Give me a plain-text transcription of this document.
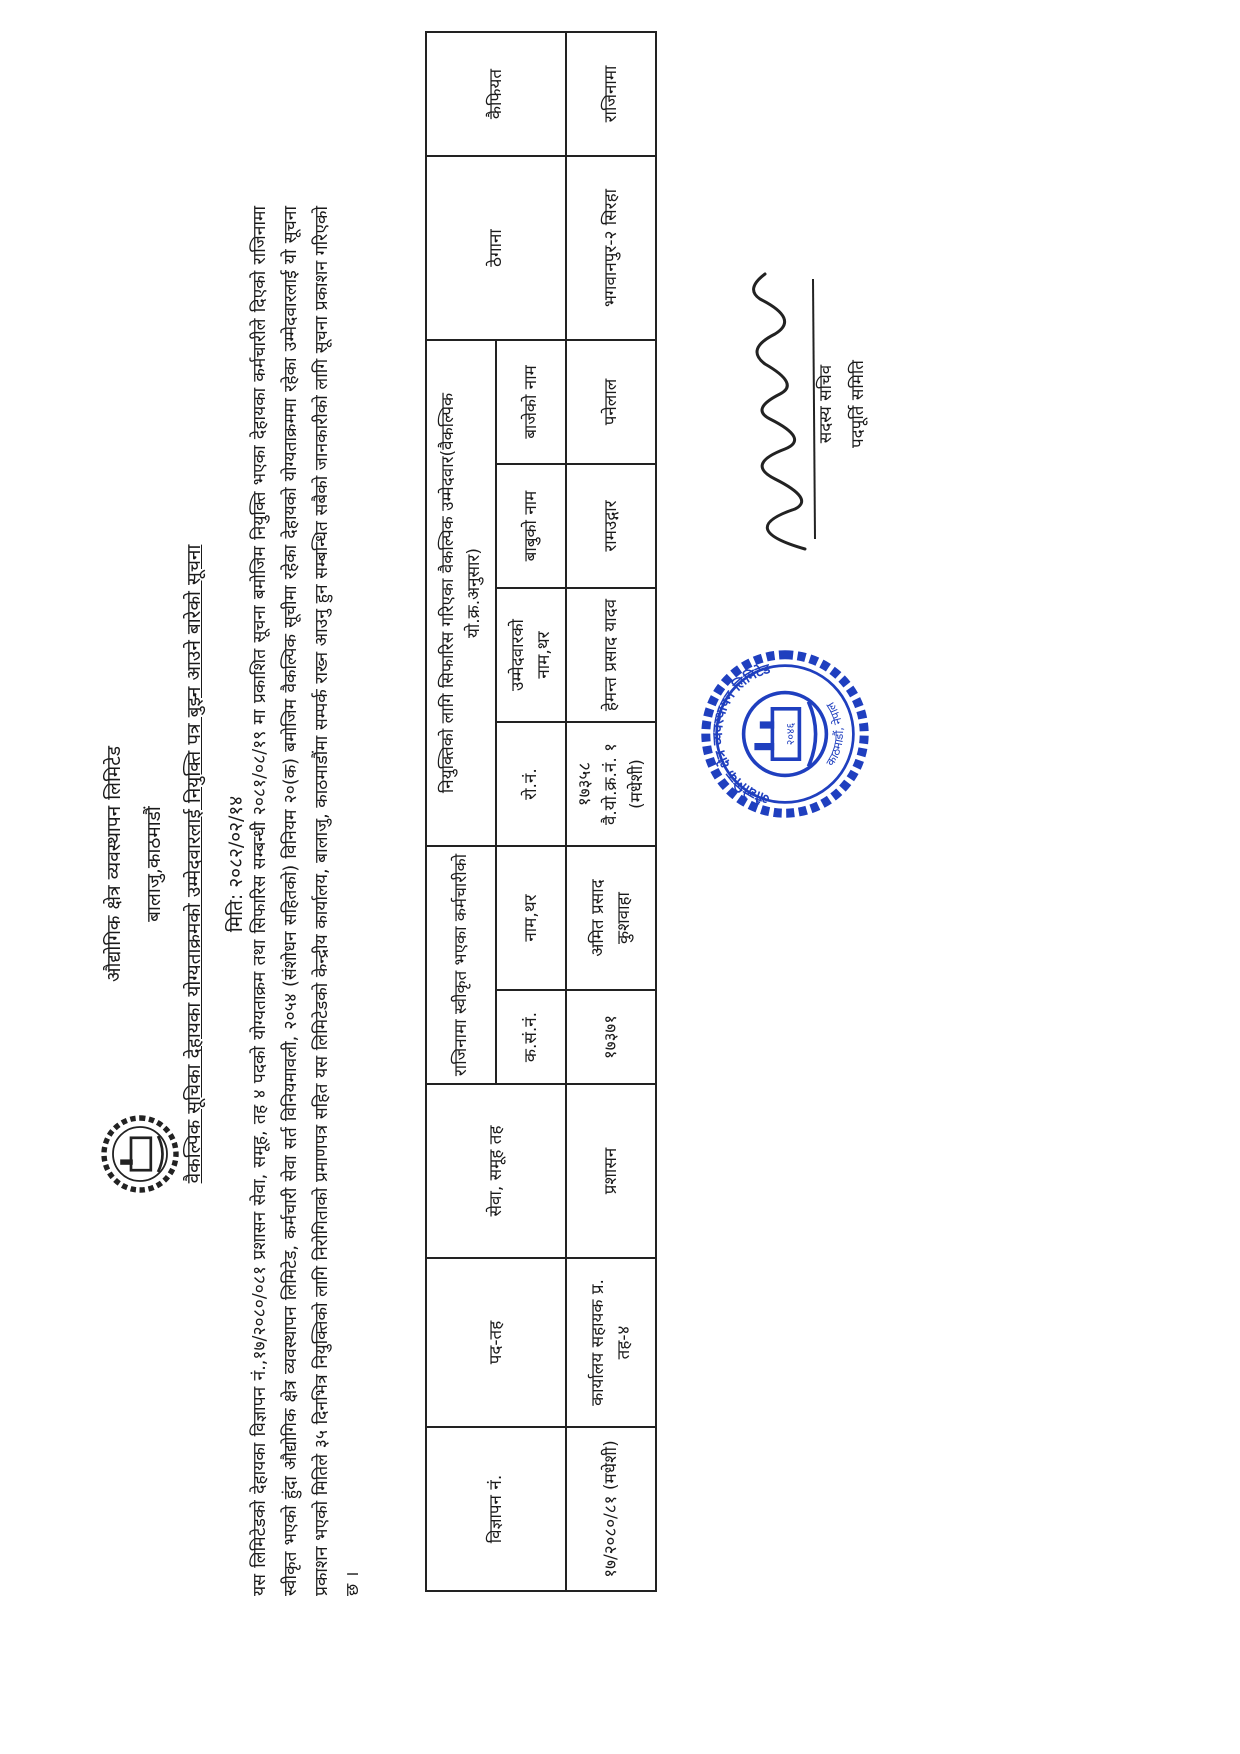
औद्योगिक क्षेत्र व्यवस्थापन लिमिटेड बालाजु,काठमाडौं वैकल्पिक सूचिका देहायका योग्यताक्रमको उम्मेदवारलाई नियुक्ति पत्र बुझ्न आउने बारेको सूचना मिति: २०८२/०२/१४ यस लिमिटेडको देहायका विज्ञापन नं.,१७/२०८०/०८१ प्रशासन सेवा, समूह, तह ४ पदको योग्यताक्रम तथा सिफारिस सम्बन्धी २०८१/०८/१९ मा प्रकाशित सूचना बमोजिम नियुक्ति भएका देहायका कर्मचारीले दिएको राजिनामा स्वीकृत भएको हुंदा औद्योगिक क्षेत्र व्यवस्थापन लिमिटेड, कर्मचारी सेवा सर्त विनियमावली, २०५४ (संशोधन सहितको) विनियम २०(क) बमोजिम वैकल्पिक सूचीमा रहेका देहायको योग्यताक्रममा रहेका उम्मेदवारलाई यो सूचना प्रकाशन भएको मितिले ३५ दिनभित्र नियुक्तिको लागि निरोगिताको प्रमाणपत्र सहित यस लिमिटेडको केन्द्रीय कार्यालय, बालाजु, काठमाडौंमा सम्पर्क राख्न आउनु हुन सम्बन्धित सबैको जानकारीको लागि सूचना प्रकाशन गरिएको छ ।
विज्ञापन नं.	पद-तह	सेवा, समूह तह	राजिनामा स्वीकृत भएका कर्मचारीको		नियुक्तिको लागि सिफारिस गरिएका वैकल्पिक उम्मेदवार(वैकल्पिक यो.क्र.अनुसार)				ठेगाना	कैफियत
			क.सं.नं.	नाम,थर	रो.नं.	उम्मेदवारको नाम,थर	बाबुको नाम	बाजेको नाम		
१७/२०८०/८१ (मधेशी)	कार्यालय सहायक प्र. तह-४	प्रशासन	१७३७१	अमित प्रसाद कुशवाहा	१७३५८ वै.यो.क्र.नं. १ (मधेशी)	हेमन्त प्रसाद यादव	रामउद्गार	पनेलाल	भगवानपुर-२ सिरहा	राजिनामा
औद्योगिक क्षेत्र व्यवस्थापन लिमिटेड
काठमाडौं, नेपाल
२०४६
सदस्य सचिव पदपूर्ति समिति
